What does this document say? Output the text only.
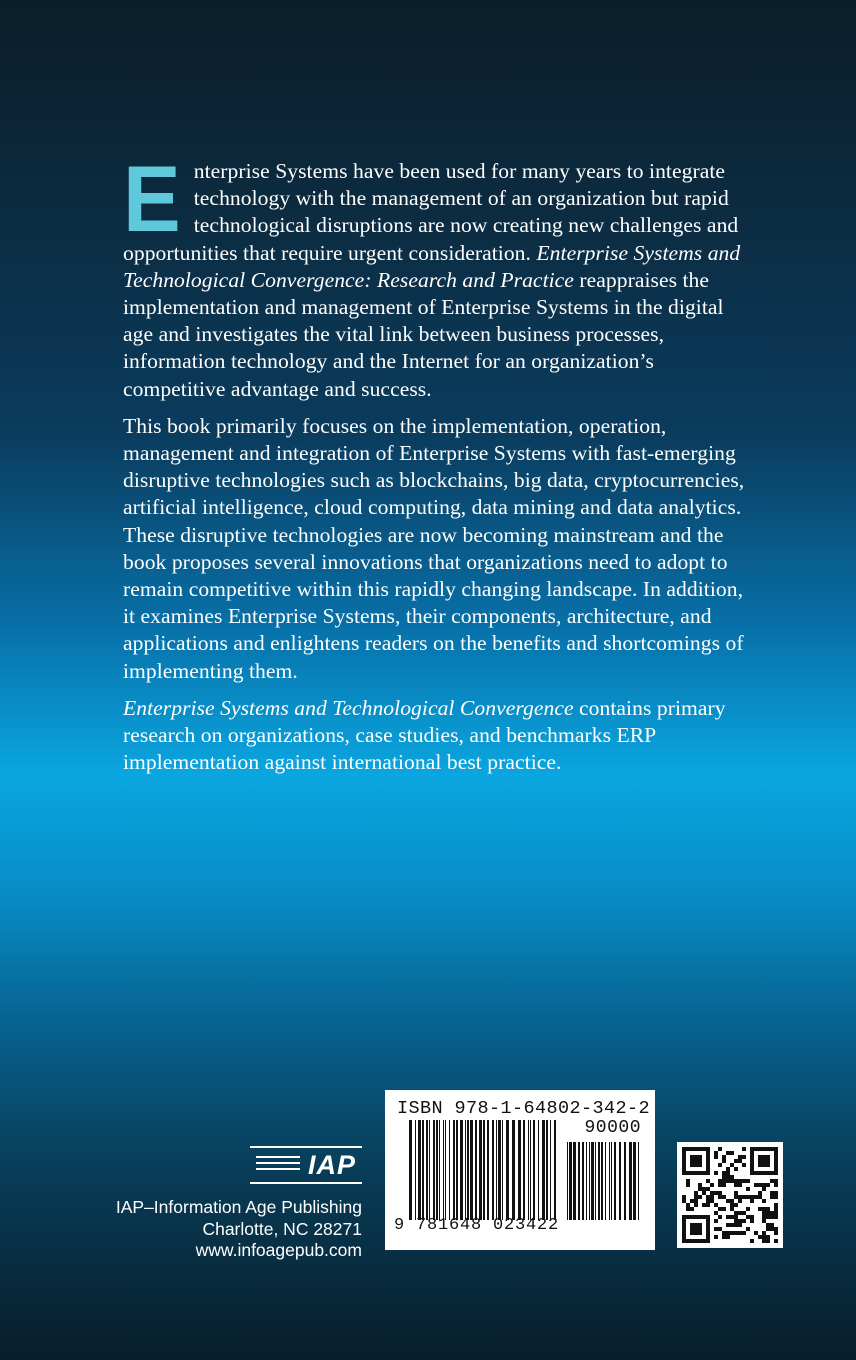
Enterprise Systems have been used for many years to integrate technology with the management of an organization but rapid technological disruptions are now creating new challenges and opportunities that require urgent consideration. Enterprise Systems and Technological Convergence: Research and Practice reappraises the implementation and management of Enterprise Systems in the digital age and investigates the vital link between business processes, information technology and the Internet for an organization’s competitive advantage and success.

This book primarily focuses on the implementation, operation, management and integration of Enterprise Systems with fast-emerging disruptive technologies such as blockchains, big data, cryptocurrencies, artificial intelligence, cloud computing, data mining and data analytics. These disruptive technologies are now becoming mainstream and the book proposes several innovations that organizations need to adopt to remain competitive within this rapidly changing landscape. In addition, it examines Enterprise Systems, their components, architecture, and applications and enlightens readers on the benefits and shortcomings of implementing them.

Enterprise Systems and Technological Convergence contains primary research on organizations, case studies, and benchmarks ERP implementation against international best practice.

IAP
IAP–Information Age Publishing
Charlotte, NC 28271
www.infoagepub.com
ISBN 978-1-64802-342-2
90000
9 781648 023422
